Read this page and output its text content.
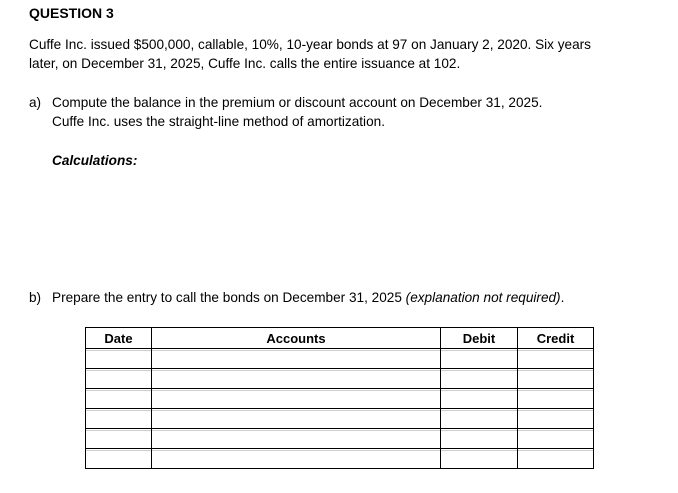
QUESTION 3
Cuffe Inc. issued $500,000, callable, 10%, 10-year bonds at 97 on January 2, 2020. Six years
later, on December 31, 2025, Cuffe Inc. calls the entire issuance at 102.
a) Compute the balance in the premium or discount account on December 31, 2025.
Cuffe Inc. uses the straight-line method of amortization.
Calculations:
b) Prepare the entry to call the bonds on December 31, 2025 (explanation not required).
Date	Accounts	Debit	Credit
